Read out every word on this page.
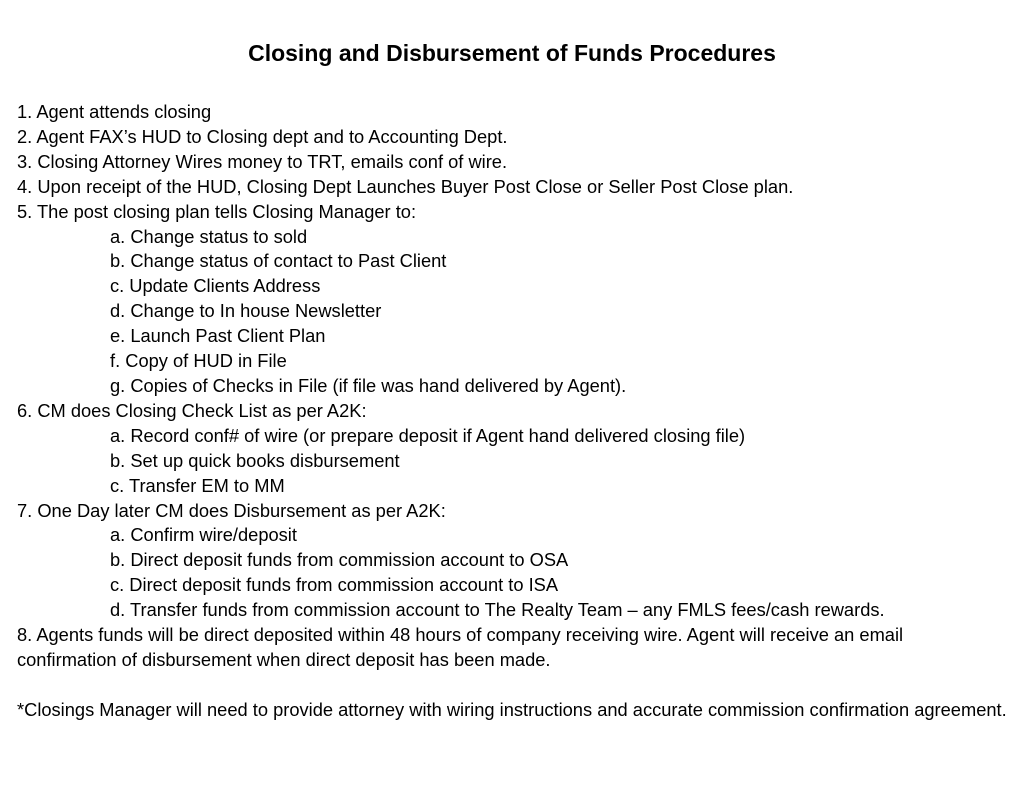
Closing and Disbursement of Funds Procedures
1. Agent attends closing
2. Agent FAX’s HUD to Closing dept and to Accounting Dept.
3. Closing Attorney Wires money to TRT, emails conf of wire.
4. Upon receipt of the HUD, Closing Dept Launches Buyer Post Close or Seller Post Close plan.
5. The post closing plan tells Closing Manager to:
a. Change status to sold
b. Change status of contact to Past Client
c. Update Clients Address
d. Change to In house Newsletter
e. Launch Past Client Plan
f. Copy of HUD in File
g. Copies of Checks in File (if file was hand delivered by Agent).
6. CM does Closing Check List as per A2K:
a. Record conf# of wire (or prepare deposit if Agent hand delivered closing file)
b. Set up quick books disbursement
c. Transfer EM to MM
7. One Day later CM does Disbursement as per A2K:
a. Confirm wire/deposit
b. Direct deposit funds from commission account to OSA
c. Direct deposit funds from commission account to ISA
d. Transfer funds from commission account to The Realty Team – any FMLS fees/cash rewards.
8. Agents funds will be direct deposited within 48 hours of company receiving wire. Agent will receive an email confirmation of disbursement when direct deposit has been made.
*Closings Manager will need to provide attorney with wiring instructions and accurate commission confirmation agreement.
